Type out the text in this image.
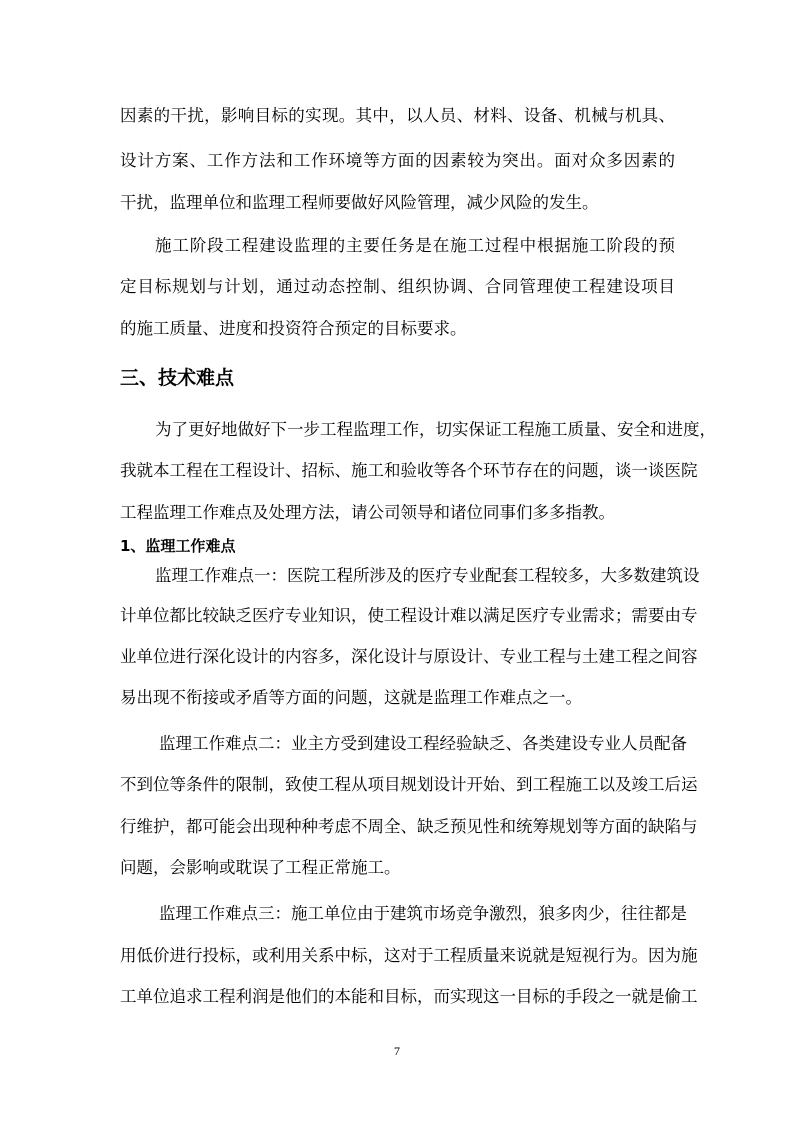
因素的干扰，影响目标的实现。其中，以人员、材料、设备、机械与机具、
设计方案、工作方法和工作环境等方面的因素较为突出。面对众多因素的
干扰，监理单位和监理工程师要做好风险管理，减少风险的发生。
施工阶段工程建设监理的主要任务是在施工过程中根据施工阶段的预
定目标规划与计划，通过动态控制、组织协调、合同管理使工程建设项目
的施工质量、进度和投资符合预定的目标要求。
三、技术难点
为了更好地做好下一步工程监理工作，切实保证工程施工质量、安全和进度，
我就本工程在工程设计、招标、施工和验收等各个环节存在的问题，谈一谈医院
工程监理工作难点及处理方法，请公司领导和诸位同事们多多指教。
1、监理工作难点
监理工作难点一：医院工程所涉及的医疗专业配套工程较多，大多数建筑设
计单位都比较缺乏医疗专业知识，使工程设计难以满足医疗专业需求；需要由专
业单位进行深化设计的内容多，深化设计与原设计、专业工程与土建工程之间容
易出现不衔接或矛盾等方面的问题，这就是监理工作难点之一。
监理工作难点二：业主方受到建设工程经验缺乏、各类建设专业人员配备
不到位等条件的限制，致使工程从项目规划设计开始、到工程施工以及竣工后运
行维护，都可能会出现种种考虑不周全、缺乏预见性和统筹规划等方面的缺陷与
问题，会影响或耽误了工程正常施工。
监理工作难点三：施工单位由于建筑市场竞争激烈，狼多肉少，往往都是
用低价进行投标，或利用关系中标，这对于工程质量来说就是短视行为。因为施
工单位追求工程利润是他们的本能和目标，而实现这一目标的手段之一就是偷工
7
